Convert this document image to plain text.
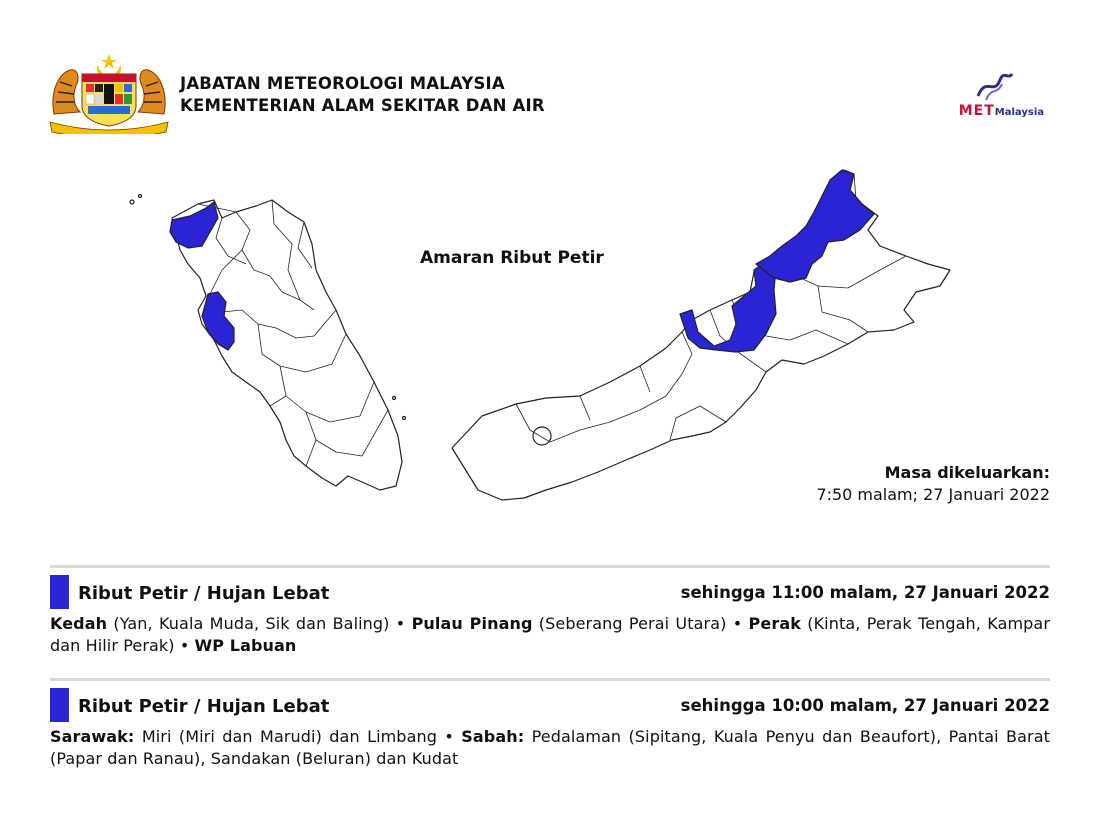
JABATAN METEOROLOGI MALAYSIA
KEMENTERIAN ALAM SEKITAR DAN AIR	METMalaysia
Amaran Ribut Petir
Masa dikeluarkan:
7:50 malam; 27 Januari 2022
Ribut Petir / Hujan Lebat	sehingga 11:00 malam, 27 Januari 2022
Kedah (Yan, Kuala Muda, Sik dan Baling) • Pulau Pinang (Seberang Perai Utara) • Perak (Kinta, Perak Tengah, Kampar dan Hilir Perak) • WP Labuan
Ribut Petir / Hujan Lebat	sehingga 10:00 malam, 27 Januari 2022
Sarawak: Miri (Miri dan Marudi) dan Limbang • Sabah: Pedalaman (Sipitang, Kuala Penyu dan Beaufort), Pantai Barat (Papar dan Ranau), Sandakan (Beluran) dan Kudat
